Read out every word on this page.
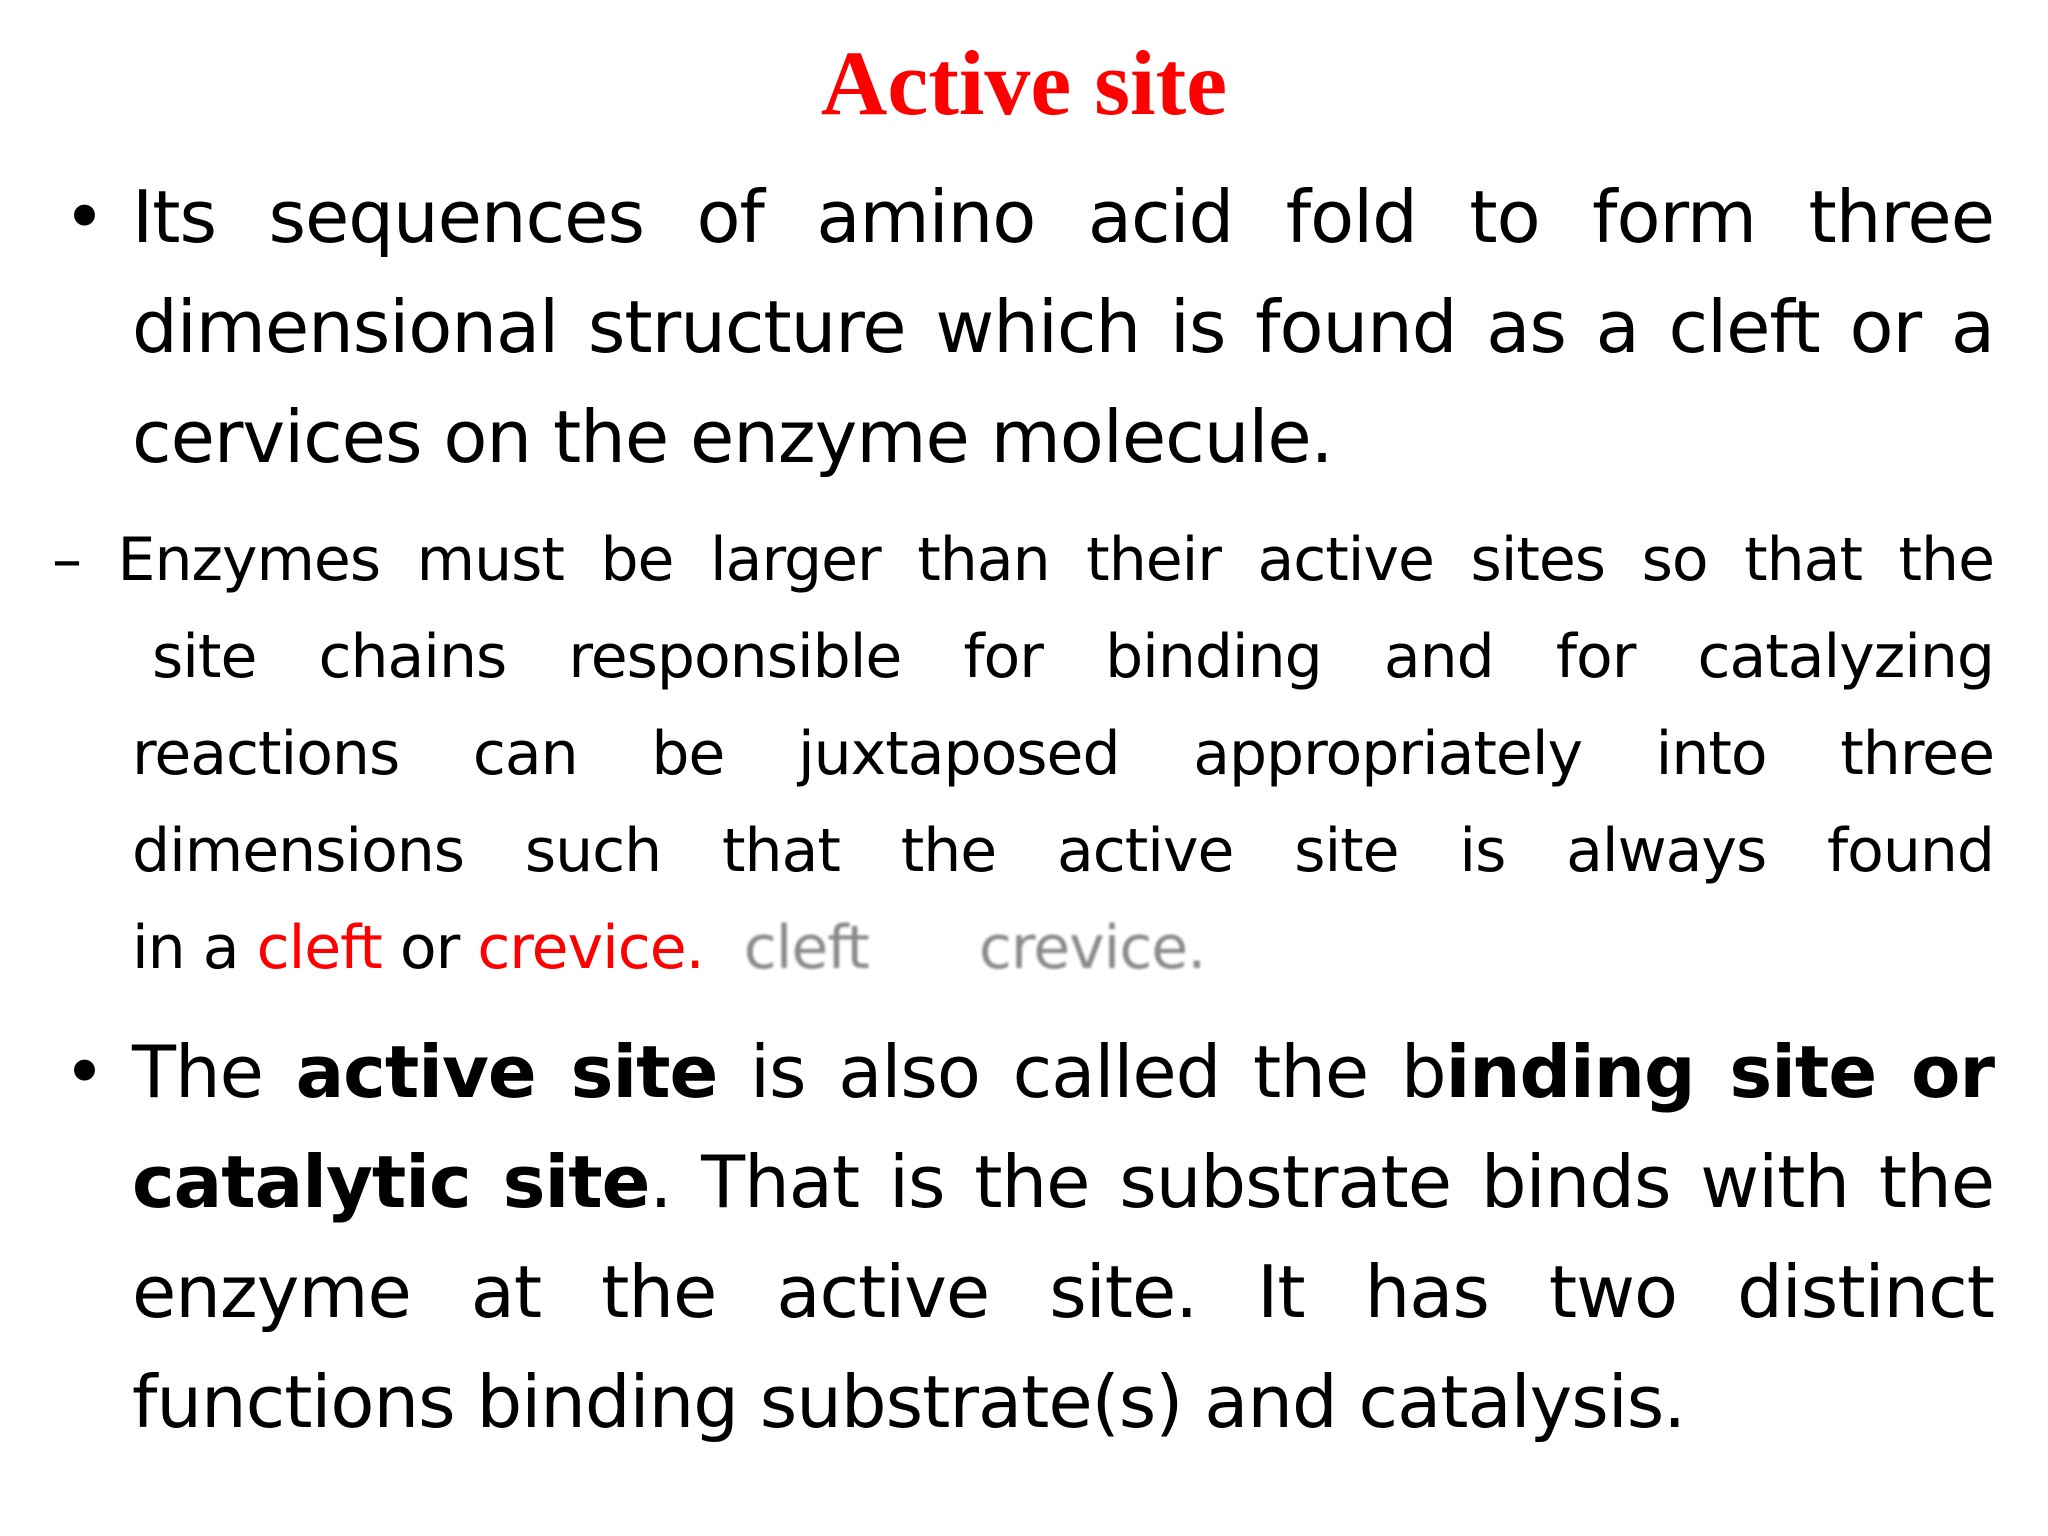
Active site
• Its sequences of amino acid fold to form three dimensional structure which is found as a cleft or a cervices on the enzyme molecule.
– Enzymes must be larger than their active sites so that the
site chains responsible for binding and for catalyzing
reactions can be juxtaposed appropriately into three
dimensions such that the active site is always found
in a cleft or crevice. cleft crevice.
• The active site is also called the binding site or catalytic site. That is the substrate binds with the enzyme at the active site. It has two distinct functions binding substrate(s) and catalysis.
